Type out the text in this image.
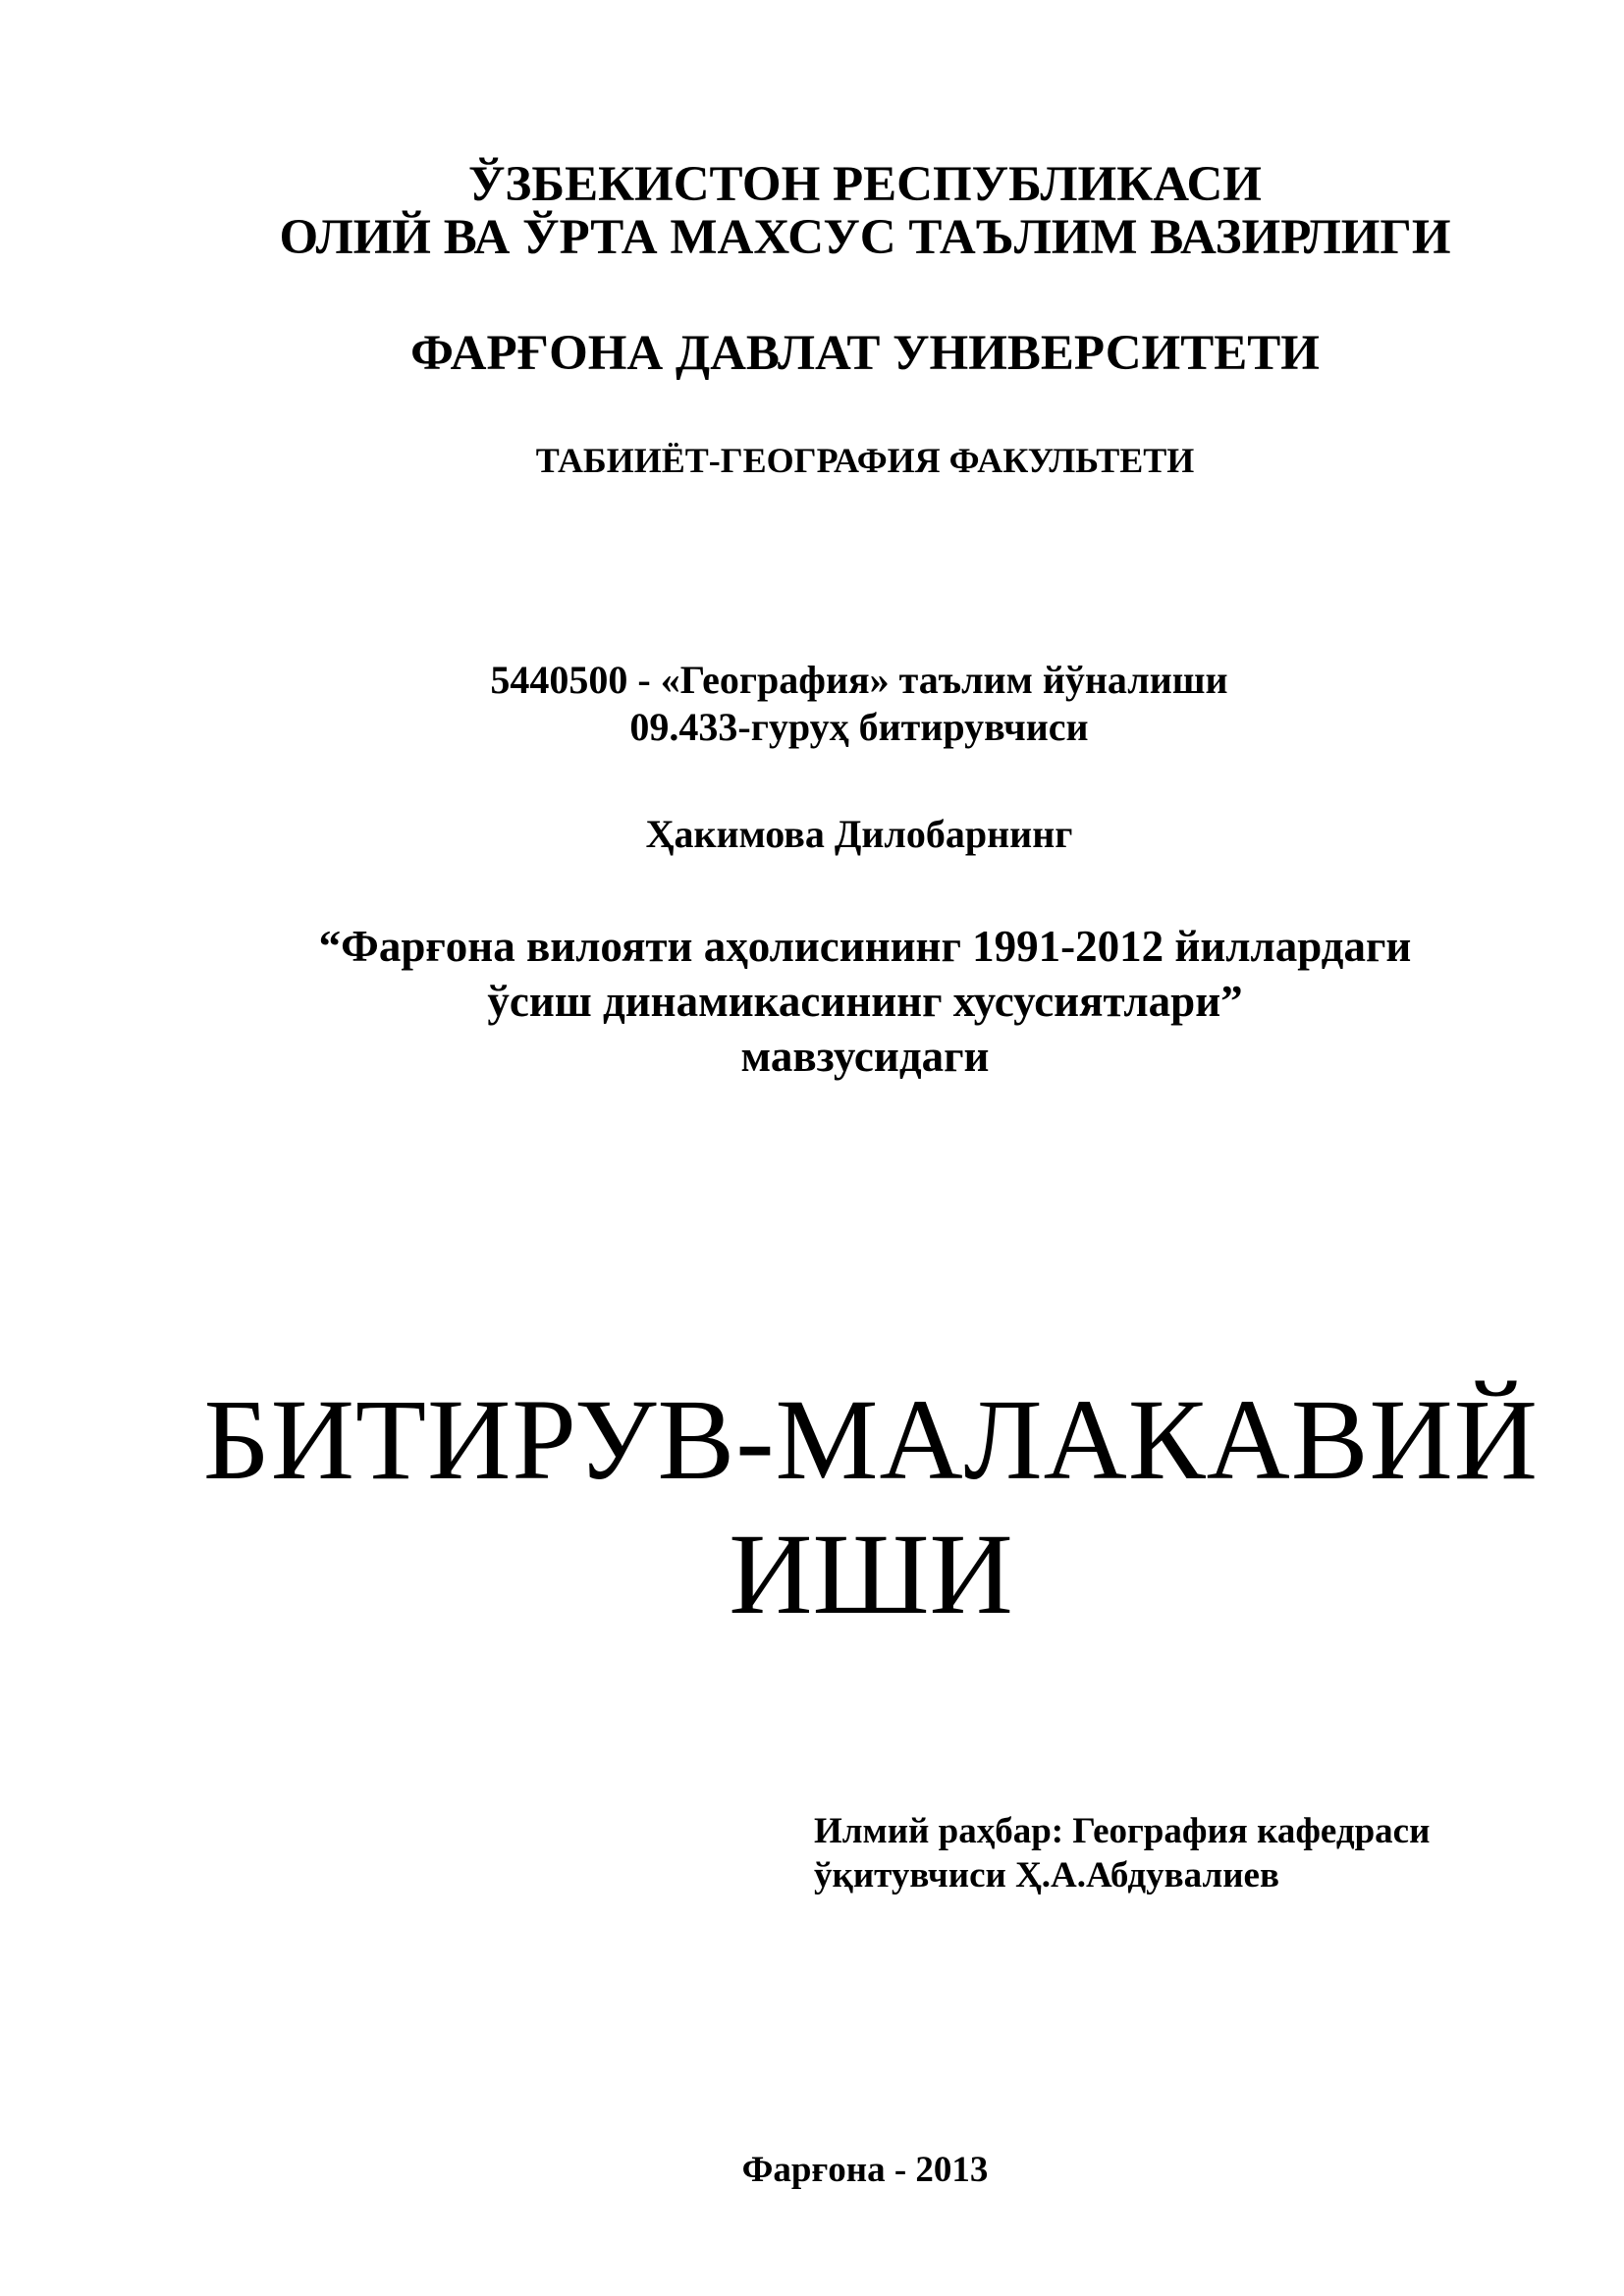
ЎЗБЕКИСТОН РЕСПУБЛИКАСИ
ОЛИЙ ВА ЎРТА МАХСУС ТАЪЛИМ ВАЗИРЛИГИ
ФАРҒОНА ДАВЛАТ УНИВЕРСИТЕТИ
ТАБИИЁТ-ГЕОГРАФИЯ ФАКУЛЬТЕТИ
5440500 - «География» таълим йўналиши
09.433-гуруҳ битирувчиси
Ҳакимова Дилобарнинг
“Фарғона вилояти аҳолисининг 1991-2012 йиллардаги
ўсиш динамикасининг хусусиятлари”
мавзусидаги
БИТИРУВ-МАЛАКАВИЙ
ИШИ
Илмий раҳбар: География кафедраси
ўқитувчиси Ҳ.А.Абдувалиев
Фарғона - 2013
